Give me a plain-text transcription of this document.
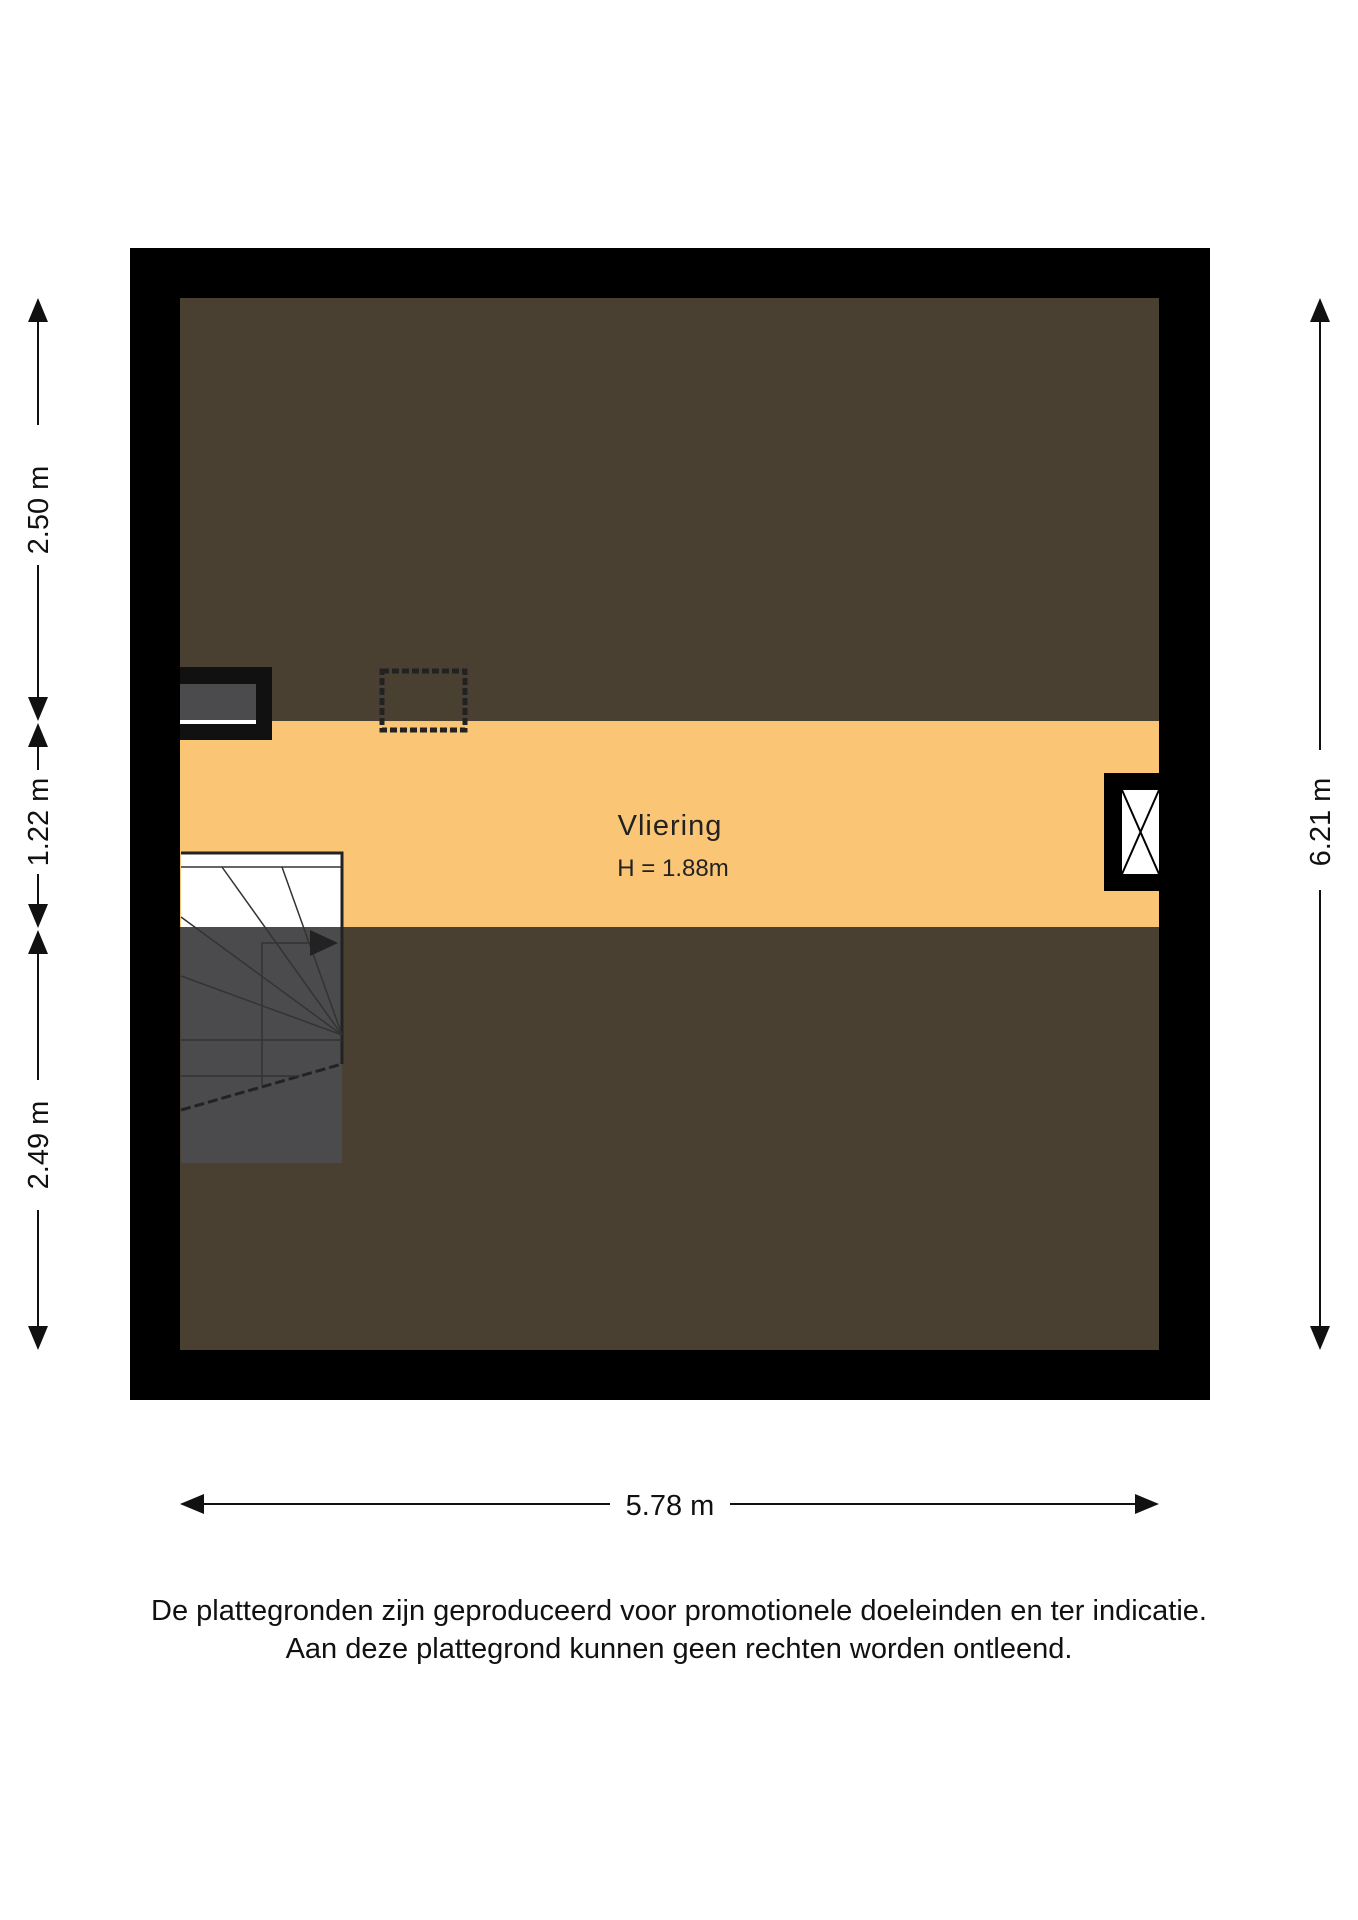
Vliering
H = 1.88m
2.50 m
1.22 m
2.49 m
6.21 m
5.78 m
De plattegronden zijn geproduceerd voor promotionele doeleinden en ter indicatie.
Aan deze plattegrond kunnen geen rechten worden ontleend.
